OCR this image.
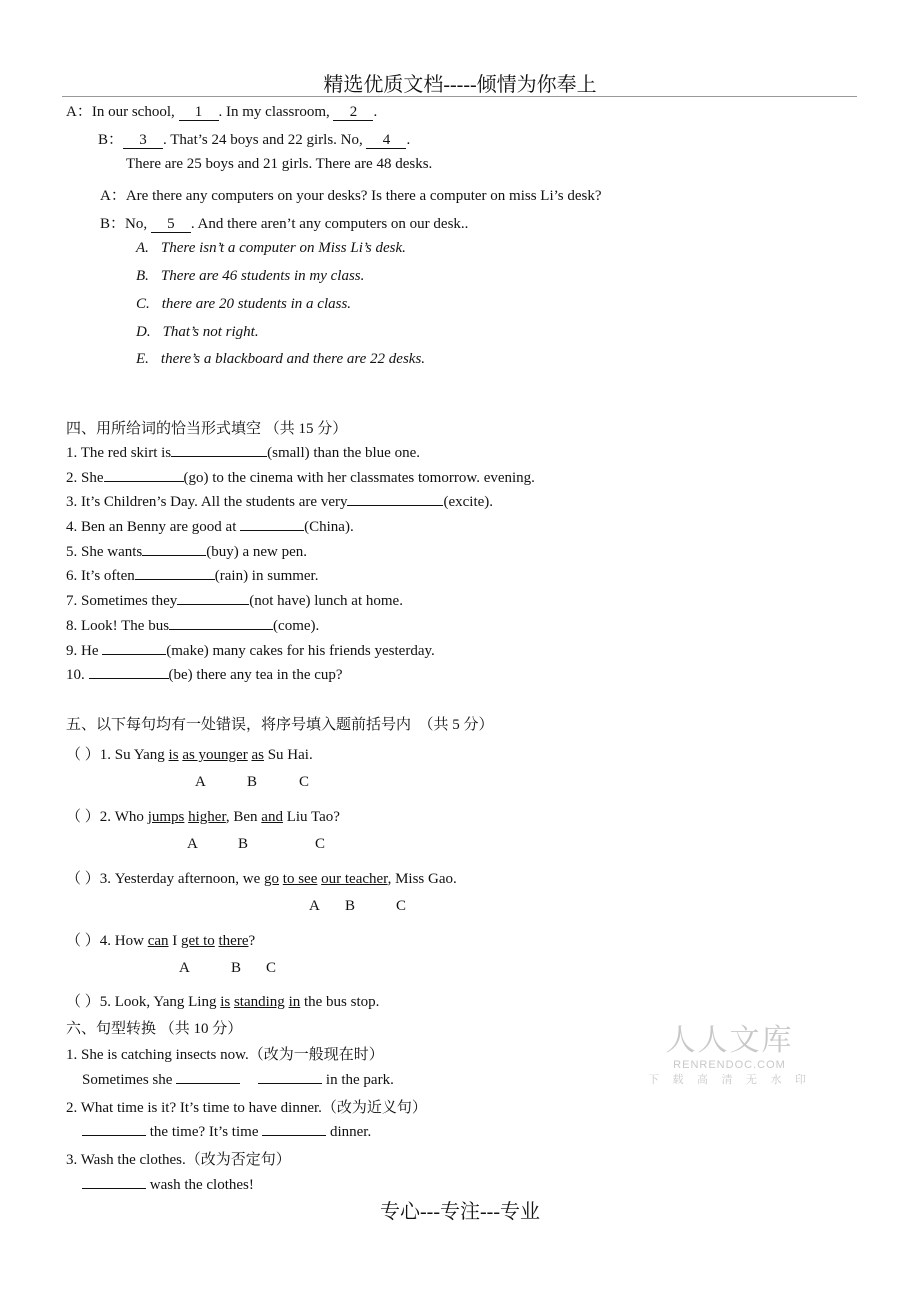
精选优质文档-----倾情为你奉上
A：In our school, 1 . In my classroom, 2 .
B： 3 . That’s 24 boys and 22 girls. No, 4 .
There are 25 boys and 21 girls. There are 48 desks.
A：Are there any computers on your desks? Is there a computer on miss Li’s desk?
B：No, 5 . And there aren’t any computers on our desk..
A. There isn’t a computer on Miss Li’s desk.
B. There are 46 students in my class.
C. there are 20 students in a class.
D. That’s not right.
E. there’s a blackboard and there are 22 desks.
四、用所给词的恰当形式填空 （共 15 分）
1. The red skirt is	(small) than the blue one.
2. She	(go) to the cinema with her classmates tomorrow. evening.
3. It’s Children’s Day. All the students are very	(excite).
4. Ben an Benny are good at	(China).
5. She wants	(buy) a new pen.
6. It’s often	(rain) in summer.
7. Sometimes they	(not have) lunch at home.
8. Look! The bus	(come).
9. He	(make) many cakes for his friends yesterday.
10.	(be) there any tea in the cup?
五、以下每句均有一处错误，将序号填入题前括号内　（共 5 分）
（ ）1. Su Yang is as younger as Su Hai.
A	B	C
（ ）2. Who jumps higher, Ben and Liu Tao?
A	B	C
（ ）3. Yesterday afternoon, we go to see our teacher, Miss Gao.
A B	C
（ ）4. How can I get to there?
A	B C
（ ）5. Look, Yang Ling is standing in the bus stop.
六、句型转换 （共 10 分）
1. She is catching insects now.（改为一般现在时）
Sometimes she	in the park.
2. What time is it? It’s time to have dinner.（改为近义句）
the time? It’s time	dinner.
3. Wash the clothes.（改为否定句）
wash the clothes!
人人文库
RENRENDOC.COM
下 载 高 清 无 水 印
专心---专注---专业
